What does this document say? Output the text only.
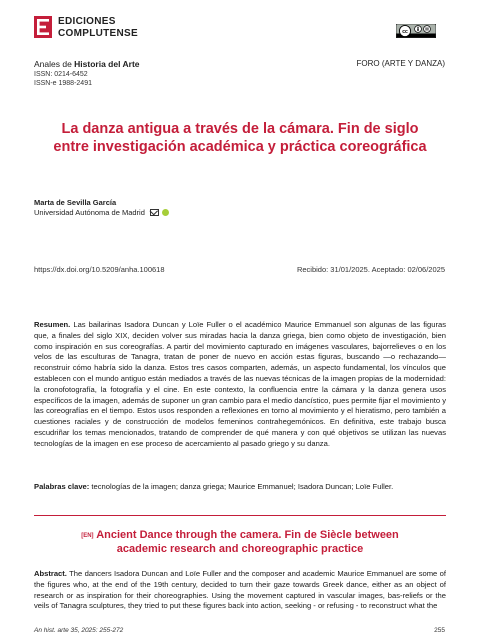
EDICIONES
COMPLUTENSE	cc
Anales de Historia del Arte
ISSN: 0214-6452
ISSN-e 1988-2491
FORO (ARTE Y DANZA)
La danza antigua a través de la cámara. Fin de siglo
entre investigación académica y práctica coreográfica
Marta de Sevilla García
Universidad Autónoma de Madrid
https://dx.doi.org/10.5209/anha.100618	Recibido: 31/01/2025. Aceptado: 02/06/2025
Resumen. Las bailarinas Isadora Duncan y Loïe Fuller o el académico Maurice Emmanuel son algunas de las figuras que, a finales del siglo XIX, deciden volver sus miradas hacia la danza griega, bien como objeto de investigación, bien como inspiración en sus coreografías. A partir del movimiento capturado en imágenes vasculares, bajorrelieves o en los velos de las esculturas de Tanagra, tratan de poner de nuevo en acción estas figuras, buscando —o rechazando— reconstruir cómo habría sido la danza. Estos tres casos comparten, además, un aspecto fundamental, los vínculos que establecen con el mundo antiguo están mediados a través de las nuevas técnicas de la imagen propias de la modernidad: la cronofotografía, la fotografía y el cine. En este contexto, la confluencia entre la cámara y la danza genera usos específicos de la imagen, además de suponer un gran cambio para el medio dancístico, pues permite fijar el movimiento y las coreografías en el tiempo. Estos usos responden a reflexiones en torno al movimiento y el hieratismo, pero también a cuestiones raciales y de construcción de modelos femeninos contrahegemónicos. En definitiva, este trabajo busca escudriñar los temas mencionados, tratando de comprender de qué manera y con qué objetivos se utilizan las nuevas tecnologías de la imagen en ese proceso de acercamiento al pasado griego y su danza.
Palabras clave: tecnologías de la imagen; danza griega; Maurice Emmanuel; Isadora Duncan; Loïe Fuller.
[EN] Ancient Dance through the camera. Fin de Siècle between
academic research and choreographic practice
Abstract. The dancers Isadora Duncan and Loïe Fuller and the composer and academic Maurice Emmanuel are some of the figures who, at the end of the 19th century, decided to turn their gaze towards Greek dance, either as an object of research or as inspiration for their choreographies. Using the movement captured in vascular images, bas-reliefs or the veils of Tanagra sculptures, they tried to put these figures back into action, seeking - or refusing - to reconstruct what the
An hist. arte 35, 2025: 255-272	255
